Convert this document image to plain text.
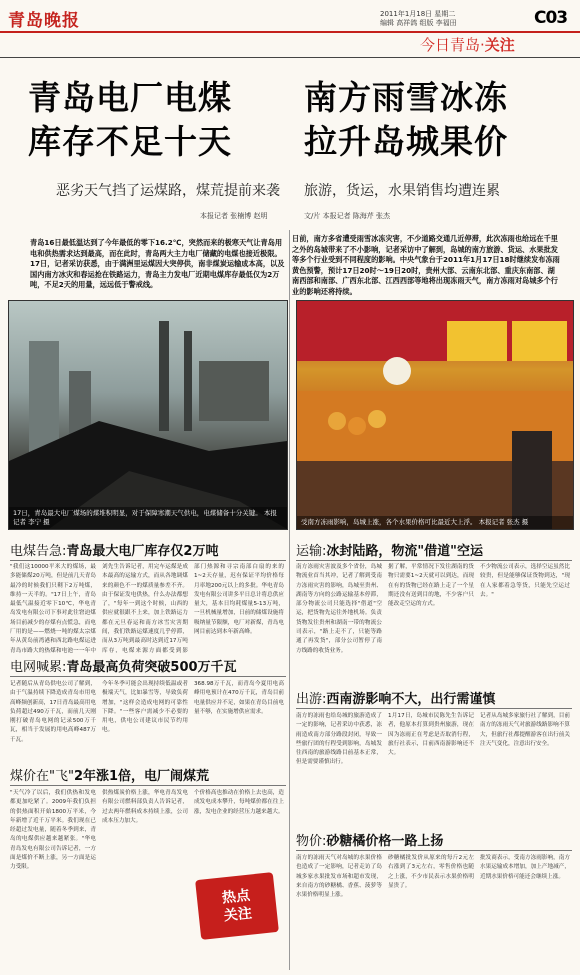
青岛晚报	2011年1月18日 星期二
编辑 高祥鸽 组版 李福田	C03
今日青岛·关注
青岛电厂电煤
库存不足十天
恶劣天气挡了运煤路，煤荒提前来袭
本报记者 张楠博 赵明
青岛16日最低温达到了今年最低的零下16.2℃，突然而来的极寒天气让青岛用电和供热需求达到最高，而在此时，青岛两大主力电厂储藏的电煤也接近极限。17日，记者采访获悉，由于满洲里运煤因大突停供，南非煤炭运输成本高，以及国内南方冰灾和春运抢在铁路运力，青岛主力发电厂近期电煤库存最低仅为2万吨，不足2天的用量，远远低于警戒线。
17日，青岛最大电厂煤场的煤堆积明显，对于保障寒潮天气供电，电煤储备十分关键。 本报记者 李宁 摄
电煤告急:青岛最大电厂库存仅2万吨
"我们这10000平米大的煤场，最多能储煤20万吨，但是前几天青岛最冷的时候我们只剩下2万吨煤，维持一天半的。"17日上午，青岛最低气温接近零下10℃，华电青岛发电有限公司下事对此往窘迫煤场目前减少的存煤有点慌急，而电厂用的是——燃烧一吨的煤太宗煤年从黄岛前湾港和西北路电煤运进青岛市路大的热煤和电池一一年中
刘先生告诉记者，用完车运煤是成本最高的运输方式，而从各地调煤来的颜色不一的煤质量参差不齐。由于保证发电供热，什么办法都想了，"每年一到这个时候，山西的供应就很跟不上来，加上铁路运力都在元旦春运和南方冰雪灾害期间，我们铁路运煤速度几乎停滞，而从3万吨到最高时达到近17万吨库存，电煤来源方面都受到影
部门热源和寻宗南部白扇的来的1~2天存量，迟有保证平均价格每月率地200元以上的多批。华电青岛发电有限公司讲多平日总计将总供应量大，基本日均耗煤量5-13万吨，一旦机械量增加，日前的储煤设施将吸纳量节限额，电厂对新煤，青岛电网目前达到本年新高峰。
电网喊累:青岛最高负荷突破500万千瓦
记者随后从青岛供电公司了解到，由于气温持续下降造成青岛市用电高峰频创新高，17日青岛最高用电负荷超过490万千瓦，而前几天刚刚打破青岛电网的记录500万千瓦，相当于发展的用电高峰487万千瓦。
今年冬季可能会出现持续低温或者极端天气，比如暴雪等，导致负荷增加，"这样会造成电网的可靠性下降。"一些客户需减少不必要的用电，供电公司建议市民节约用电。
368.98万千瓦，而青岛今夏用电高峰用电预计在470万千瓦，青岛目前电量供应并不足，如果在青岛目前电量不够，在实施增供应需求。
煤价在"飞"2年涨1倍，电厂闹煤荒
"天气冷了以后，我们供热和发电都更加吃紧了。2009年我们负担的供热面积开始1800万平米，今年新增了近千万平米。我们现在已经超过发电量，随着冬季到来，青岛的电煤供应越来越紧张。"华电青岛发电有限公司告诉记者，一方面是煤价不断上涨，另一方面是运力受限。
供热煤炭价格上涨，华电青岛发电有限公司燃料部负责人告诉记者，过去两年燃料成本持续上涨，公司成本压力加大。
个价格高也推动在价格上去也高，造成发电成本攀升，每吨煤价都在往上涨，发电企业的经营压力越来越大。
热点
关注
南方雨雪冰冻
拉升岛城果价
旅游，货运，水果销售均遭连累
文/片 本报记者 陈海芹 张杰
日前，南方多省遭受雨雪冰冻灾害，不少道路交通几近停滞，此次冻雨也给远在千里之外的岛城带来了不小影响，记者采访中了解到，岛城的南方旅游、货运、水果批发等多个行业受到不同程度的影响。中央气象台于2011年1月17日18时继续发布冻雨黄色预警，预计17日20时～19日20时，贵州大部、云南东北部、重庆东南部、湖南西部和南部、广西东北部、江西西部等地将出现冻雨天气，南方冻雨对岛城多个行业的影响还将持续。
受南方冻雨影响，岛城上涨，各个水果价格可比最近大上浮。 本报记者 张杰 摄
运输:冰封陆路，物流"借道"空运
南方冻雨灾害波及多个省份，岛城物流业首当其冲，记者了解到受南方冻雨灾害的影响，岛城至贵州、湖南等方向的公路运输基本停滞，部分物流公司只能选择"借道"空运，把货物先运往外地机场。负责货物发往贵州和湖南一带的物流公司表示，"路上走不了，只能等路通了再发货"，部分公司暂停了南方线路的收货业务。
据了解，平常情况下发往湖南的货物只需要1~2天就可以到达，而现在有的货物已经在路上走了一个星期还没有送到目的地，不少客户只能改走空运的方式。
不少物流公司表示，选择空运虽然比较贵，但是能够保证货物到达，"现在人家都着急等货，只能先空运过去。"
出游:西南游影响不大，出行需谨慎
南方的冻雨也给岛城的旅游造成了一定的影响，记者采访中获悉，冻雨造成南方部分路段封闭，导致一些旅行团的行程受到影响，岛城发往西南的旅游线路目前基本正常，但是需要谨慎出行。
1月17日，岛城市民陈先生告诉记者，他原本打算到贵州旅游，现在因为冻雨正在考虑是否取消行程，旅行社表示，目前西南游影响还不大。
记者从岛城多家旅行社了解到，目前南方的冻雨天气对旅游线路影响不算大，但旅行社都提醒游客在出行前关注天气变化，注意出行安全。
物价:砂糖橘价格一路上扬
南方的冻雨天气对岛城的水果价格也造成了一定影响，记者走访了岛城多家水果批发市场和超市发现，来自南方的砂糖橘、香蕉、菠萝等水果价格明显上涨。
砂糖橘批发价从原来的每斤2元左右涨到了3元左右，零售价格也随之上涨，不少市民表示水果价格明显贵了。
批发商表示，受南方冻雨影响，南方水果运输成本增加，加上产地减产，近期水果价格可能还会继续上涨。
